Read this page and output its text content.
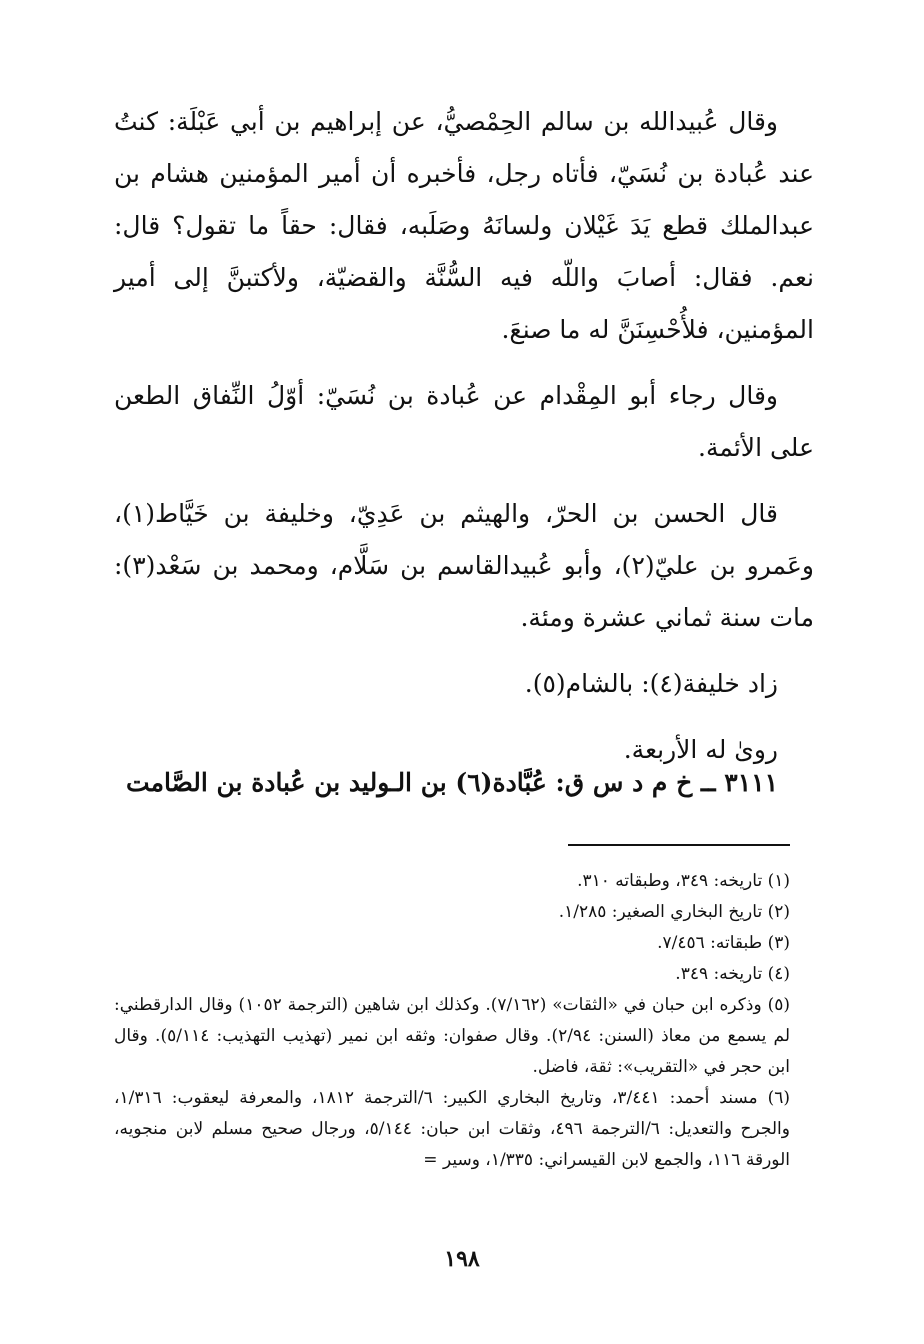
وقال عُبيدالله بن سالم الحِمْصيُّ، عن إبراهيم بن أبي عَبْلَة: كنتُ عند عُبادة بن نُسَيّ، فأتاه رجل، فأخبره أن أمير المؤمنين هشام بن عبدالملك قطع يَدَ غَيْلان ولسانَهُ وصَلَبه، فقال: حقاً ما تقول؟ قال: نعم. فقال: أصابَ واللّه فيه السُّنَّة والقضيّة، ولأكتبنَّ إلى أمير المؤمنين، فلأُحْسِنَنَّ له ما صنعَ.

وقال رجاء أبو المِقْدام عن عُبادة بن نُسَيّ: أوّلُ النِّفاق الطعن على الأئمة.

قال الحسن بن الحرّ، والهيثم بن عَدِيّ، وخليفة بن خَيَّاط(١)، وعَمرو بن عليّ(٢)، وأبو عُبيدالقاسم بن سَلَّام، ومحمد بن سَعْد(٣): مات سنة ثماني عشرة ومئة.

زاد خليفة(٤): بالشام(٥).

روىٰ له الأربعة.

٣١١١ ــ خ م د س ق: عُبَّادة(٦) بن الـوليد بن عُبادة بن الصَّامت

(١) تاريخه: ٣٤٩، وطبقاته ٣١٠.

(٢) تاريخ البخاري الصغير: ١/٢٨٥.

(٣) طبقاته: ٧/٤٥٦.

(٤) تاريخه: ٣٤٩.

(٥) وذكره ابن حبان في «الثقات» (٧/١٦٢). وكذلك ابن شاهين (الترجمة ١٠٥٢) وقال الدارقطني: لم يسمع من معاذ (السنن: ٢/٩٤). وقال صفوان: وثقه ابن نمير (تهذيب التهذيب: ٥/١١٤). وقال ابن حجر في «التقريب»: ثقة، فاضل.

(٦) مسند أحمد: ٣/٤٤١، وتاريخ البخاري الكبير: ٦/الترجمة ١٨١٢، والمعرفة ليعقوب: ١/٣١٦، والجرح والتعديل: ٦/الترجمة ٤٩٦، وثقات ابن حبان: ٥/١٤٤، ورجال صحيح مسلم لابن منجويه، الورقة ١١٦، والجمع لابن القيسراني: ١/٣٣٥، وسير =

١٩٨
